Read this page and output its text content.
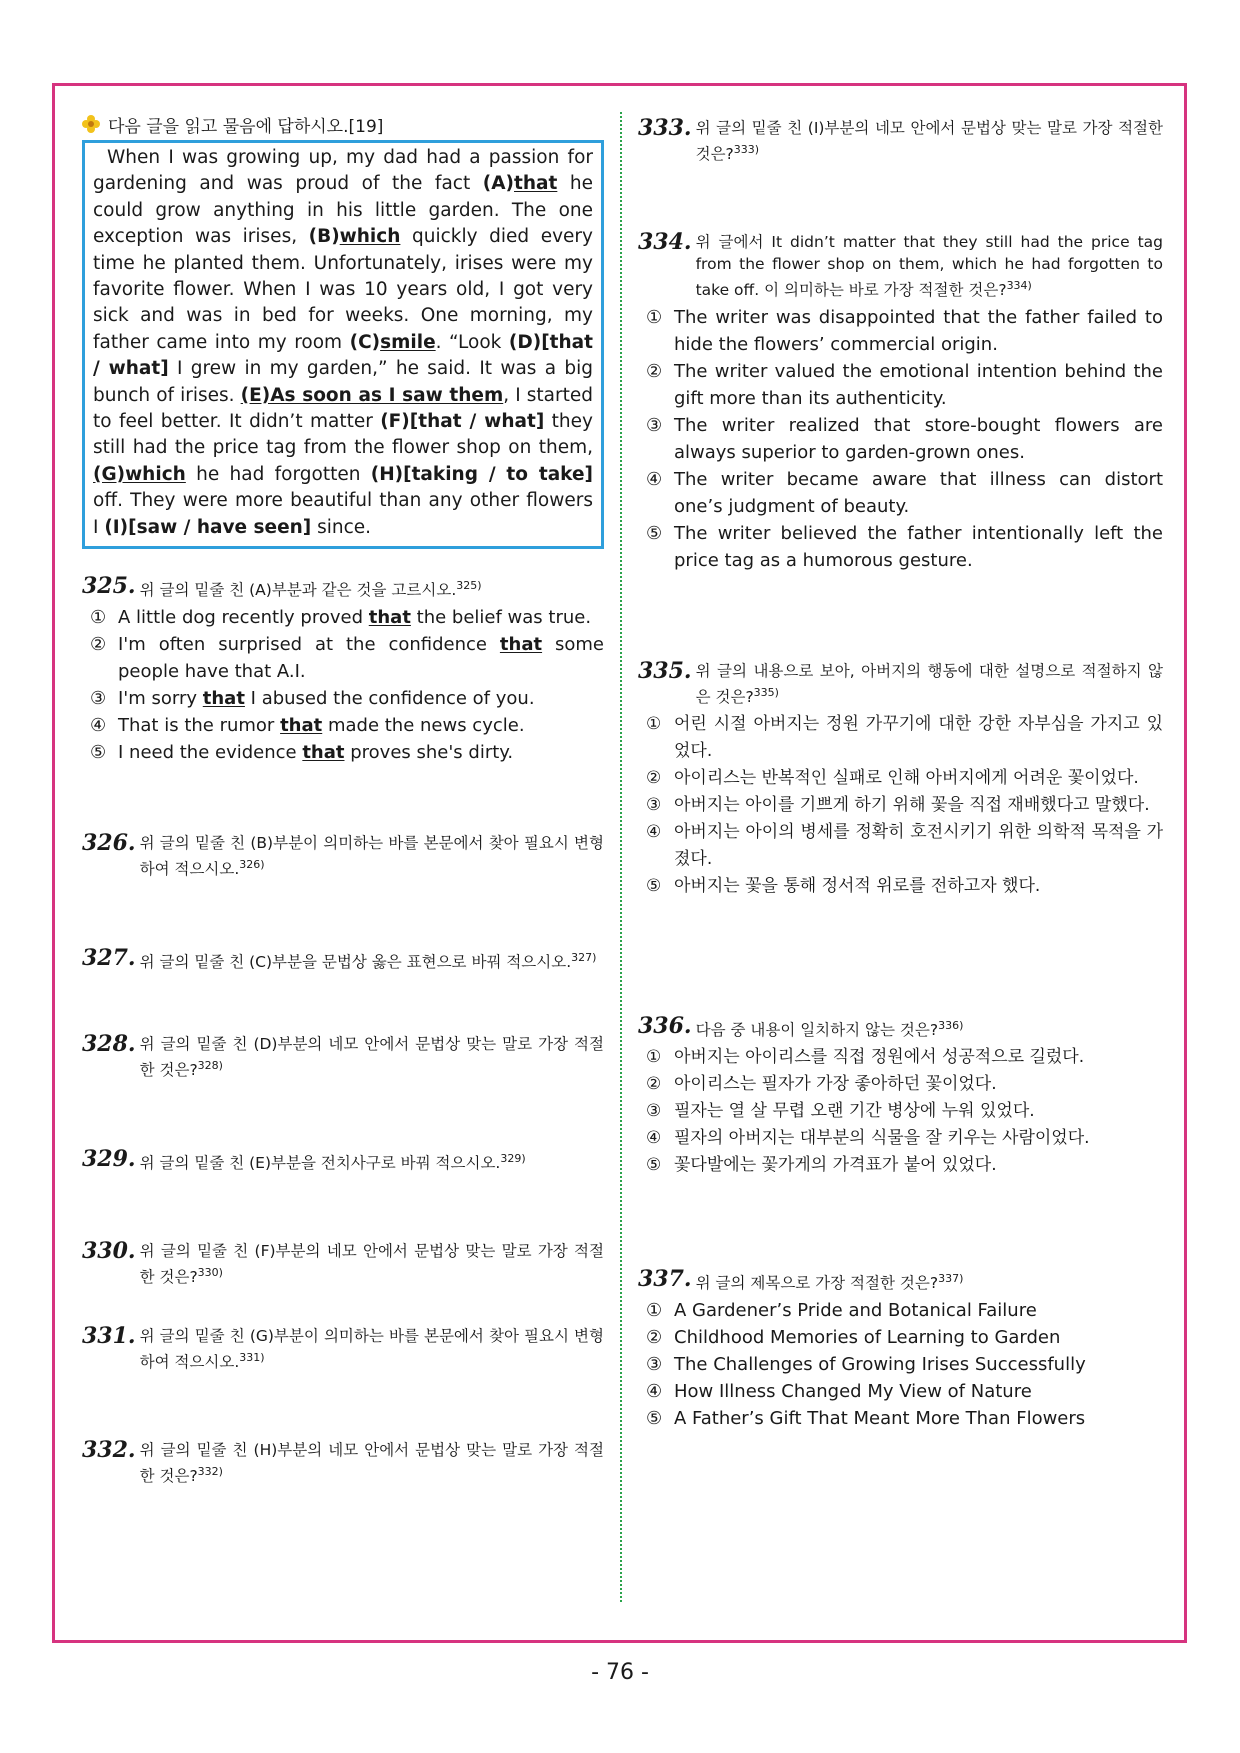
다음 글을 읽고 물음에 답하시오.[19]
When I was growing up, my dad had a passion for gardening and was proud of the fact (A)that he could grow anything in his little garden. The one exception was irises, (B)which quickly died every time he planted them. Unfortunately, irises were my favorite flower. When I was 10 years old, I got very sick and was in bed for weeks. One morning, my father came into my room (C)smile. “Look (D)[that / what] I grew in my garden,” he said. It was a big bunch of irises. (E)As soon as I saw them, I started to feel better. It didn’t matter (F)[that / what] they still had the price tag from the flower shop on them, (G)which he had forgotten (H)[taking / to take] off. They were more beautiful than any other flowers I (I)[saw / have seen] since.
325. 위 글의 밑줄 친 (A)부분과 같은 것을 고르시오.$^{325)}$
① A little dog recently proved that the belief was true.
② I'm often surprised at the confidence that some people have that A.I.
③ I'm sorry that I abused the confidence of you.
④ That is the rumor that made the news cycle.
⑤ I need the evidence that proves she's dirty.
326. 위 글의 밑줄 친 (B)부분이 의미하는 바를 본문에서 찾아 필요시 변형하여 적으시오.$^{326)}$
327. 위 글의 밑줄 친 (C)부분을 문법상 옳은 표현으로 바꿔 적으시오.$^{327)}$
328. 위 글의 밑줄 친 (D)부분의 네모 안에서 문법상 맞는 말로 가장 적절한 것은?$^{328)}$
329. 위 글의 밑줄 친 (E)부분을 전치사구로 바꿔 적으시오.$^{329)}$
330. 위 글의 밑줄 친 (F)부분의 네모 안에서 문법상 맞는 말로 가장 적절한 것은?$^{330)}$
331. 위 글의 밑줄 친 (G)부분이 의미하는 바를 본문에서 찾아 필요시 변형하여 적으시오.$^{331)}$
332. 위 글의 밑줄 친 (H)부분의 네모 안에서 문법상 맞는 말로 가장 적절한 것은?$^{332)}$
333. 위 글의 밑줄 친 (I)부분의 네모 안에서 문법상 맞는 말로 가장 적절한 것은?$^{333)}$
334. 위 글에서 It didn’t matter that they still had the price tag from the flower shop on them, which he had forgotten to take off. 이 의미하는 바로 가장 적절한 것은?$^{334)}$
① The writer was disappointed that the father failed to hide the flowers’ commercial origin.
② The writer valued the emotional intention behind the gift more than its authenticity.
③ The writer realized that store-bought flowers are always superior to garden-grown ones.
④ The writer became aware that illness can distort one’s judgment of beauty.
⑤ The writer believed the father intentionally left the price tag as a humorous gesture.
335. 위 글의 내용으로 보아, 아버지의 행동에 대한 설명으로 적절하지 않은 것은?$^{335)}$
① 어린 시절 아버지는 정원 가꾸기에 대한 강한 자부심을 가지고 있었다.
② 아이리스는 반복적인 실패로 인해 아버지에게 어려운 꽃이었다.
③ 아버지는 아이를 기쁘게 하기 위해 꽃을 직접 재배했다고 말했다.
④ 아버지는 아이의 병세를 정확히 호전시키기 위한 의학적 목적을 가졌다.
⑤ 아버지는 꽃을 통해 정서적 위로를 전하고자 했다.
336. 다음 중 내용이 일치하지 않는 것은?$^{336)}$
① 아버지는 아이리스를 직접 정원에서 성공적으로 길렀다.
② 아이리스는 필자가 가장 좋아하던 꽃이었다.
③ 필자는 열 살 무렵 오랜 기간 병상에 누워 있었다.
④ 필자의 아버지는 대부분의 식물을 잘 키우는 사람이었다.
⑤ 꽃다발에는 꽃가게의 가격표가 붙어 있었다.
337. 위 글의 제목으로 가장 적절한 것은?$^{337)}$
① A Gardener’s Pride and Botanical Failure
② Childhood Memories of Learning to Garden
③ The Challenges of Growing Irises Successfully
④ How Illness Changed My View of Nature
⑤ A Father’s Gift That Meant More Than Flowers
- 76 -
